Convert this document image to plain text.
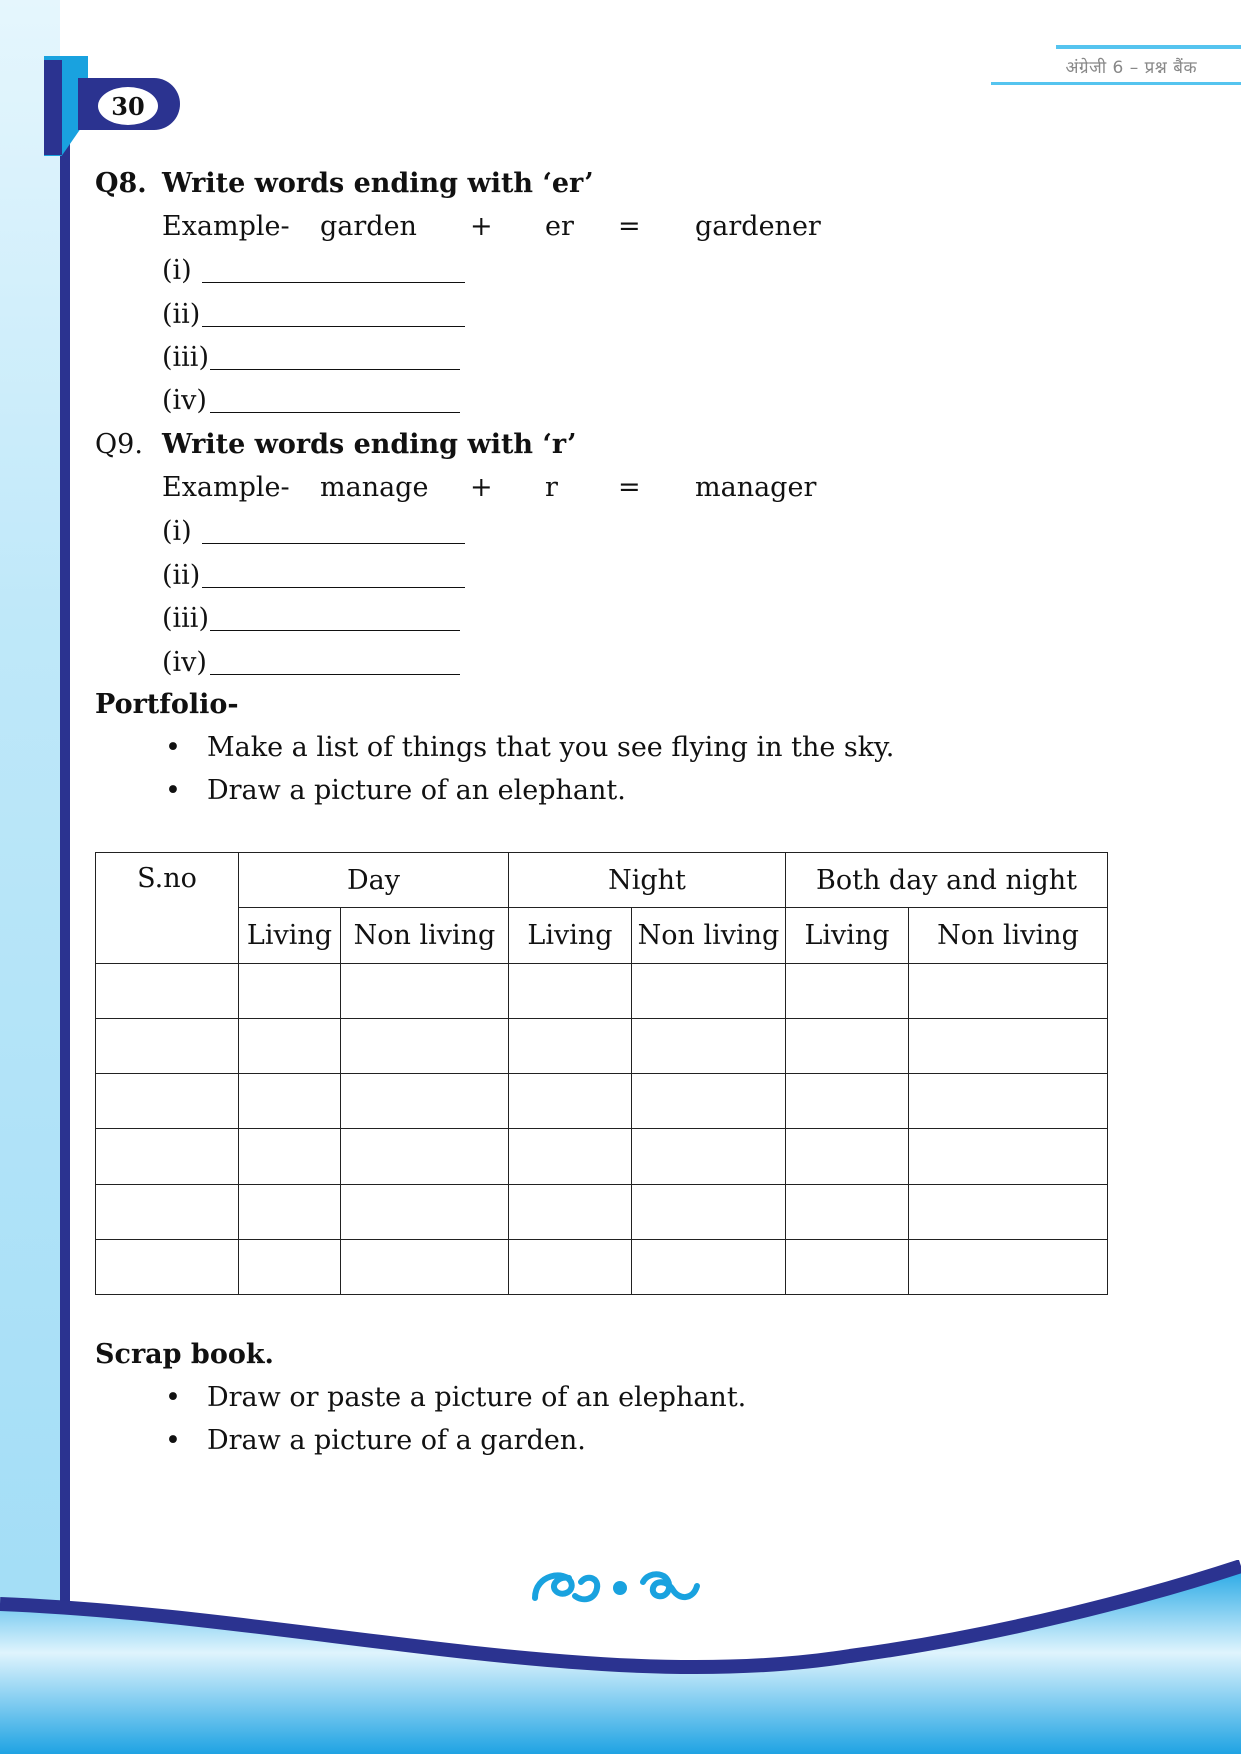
30
अंग्रेजी 6 – प्रश्न बैंक
Q8. Write words ending with ‘er’
Example- garden + er = gardener
(i)
(ii)
(iii)
(iv)
Q9. Write words ending with ‘r’
Example- manage + r = manager
(i)
(ii)
(iii)
(iv)
Portfolio-
• Make a list of things that you see flying in the sky.
• Draw a picture of an elephant.
S.no	Day		Night		Both day and night	
	Living	Non living	Living	Non living	Living	Non living

Scrap book.
• Draw or paste a picture of an elephant.
• Draw a picture of a garden.
